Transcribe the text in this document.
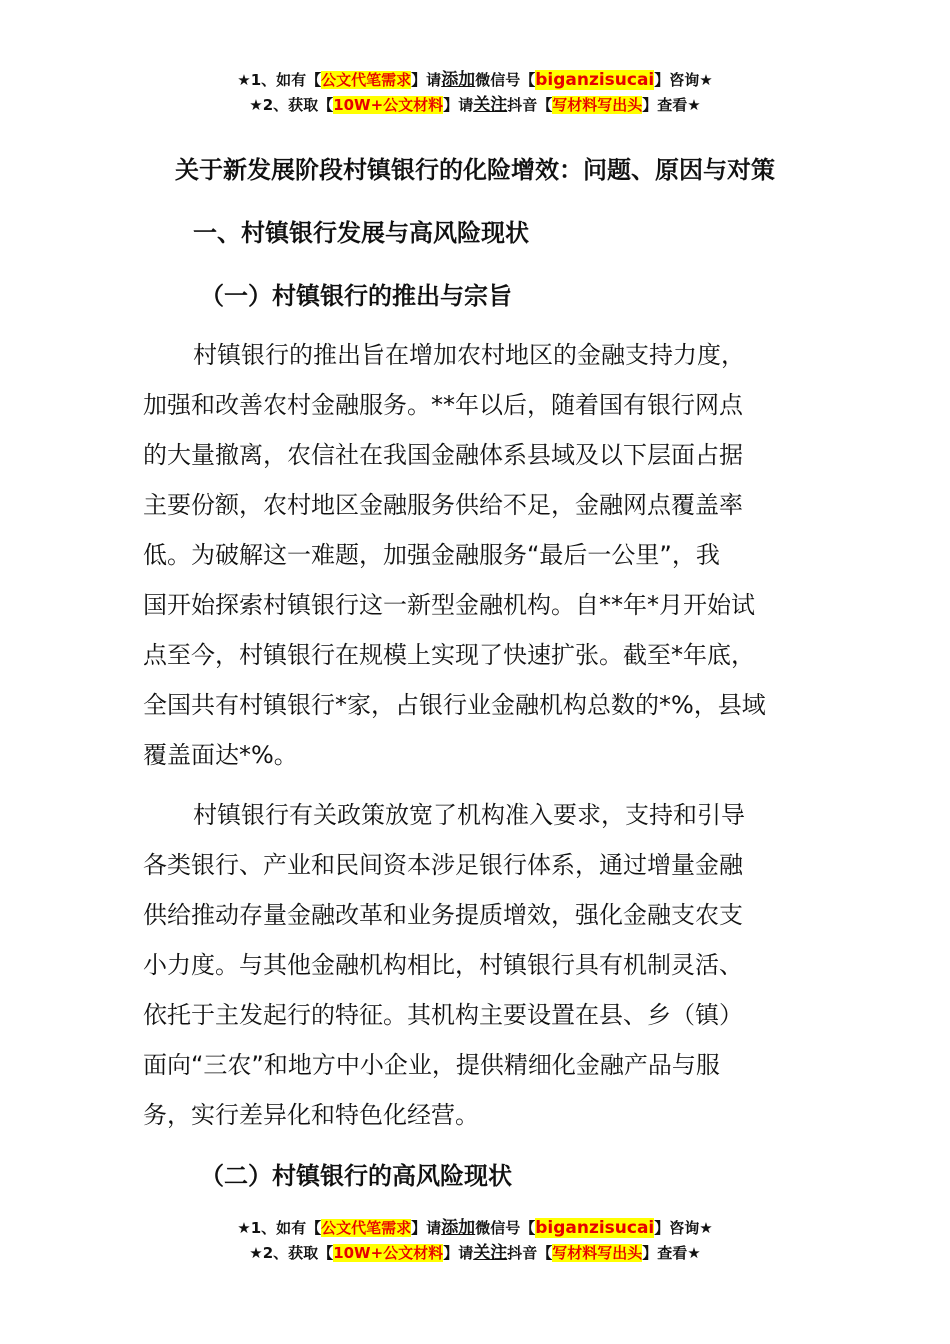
★1、如有【公文代笔需求】请添加微信号【biganzisucai】咨询★
★2、获取【10W+公文材料】请关注抖音【写材料写出头】查看★
关于新发展阶段村镇银行的化险增效：问题、原因与对策
一、村镇银行发展与高风险现状
（一）村镇银行的推出与宗旨
村镇银行的推出旨在增加农村地区的金融支持力度，
加强和改善农村金融服务。**年以后，随着国有银行网点
的大量撤离，农信社在我国金融体系县域及以下层面占据
主要份额，农村地区金融服务供给不足，金融网点覆盖率
低。为破解这一难题，加强金融服务“最后一公里”，我
国开始探索村镇银行这一新型金融机构。自**年*月开始试
点至今，村镇银行在规模上实现了快速扩张。截至*年底，
全国共有村镇银行*家，占银行业金融机构总数的*%，县域
覆盖面达*%。
村镇银行有关政策放宽了机构准入要求，支持和引导
各类银行、产业和民间资本涉足银行体系，通过增量金融
供给推动存量金融改革和业务提质增效，强化金融支农支
小力度。与其他金融机构相比，村镇银行具有机制灵活、
依托于主发起行的特征。其机构主要设置在县、乡（镇）
面向“三农”和地方中小企业，提供精细化金融产品与服
务，实行差异化和特色化经营。
（二）村镇银行的高风险现状
★1、如有【公文代笔需求】请添加微信号【biganzisucai】咨询★
★2、获取【10W+公文材料】请关注抖音【写材料写出头】查看★
